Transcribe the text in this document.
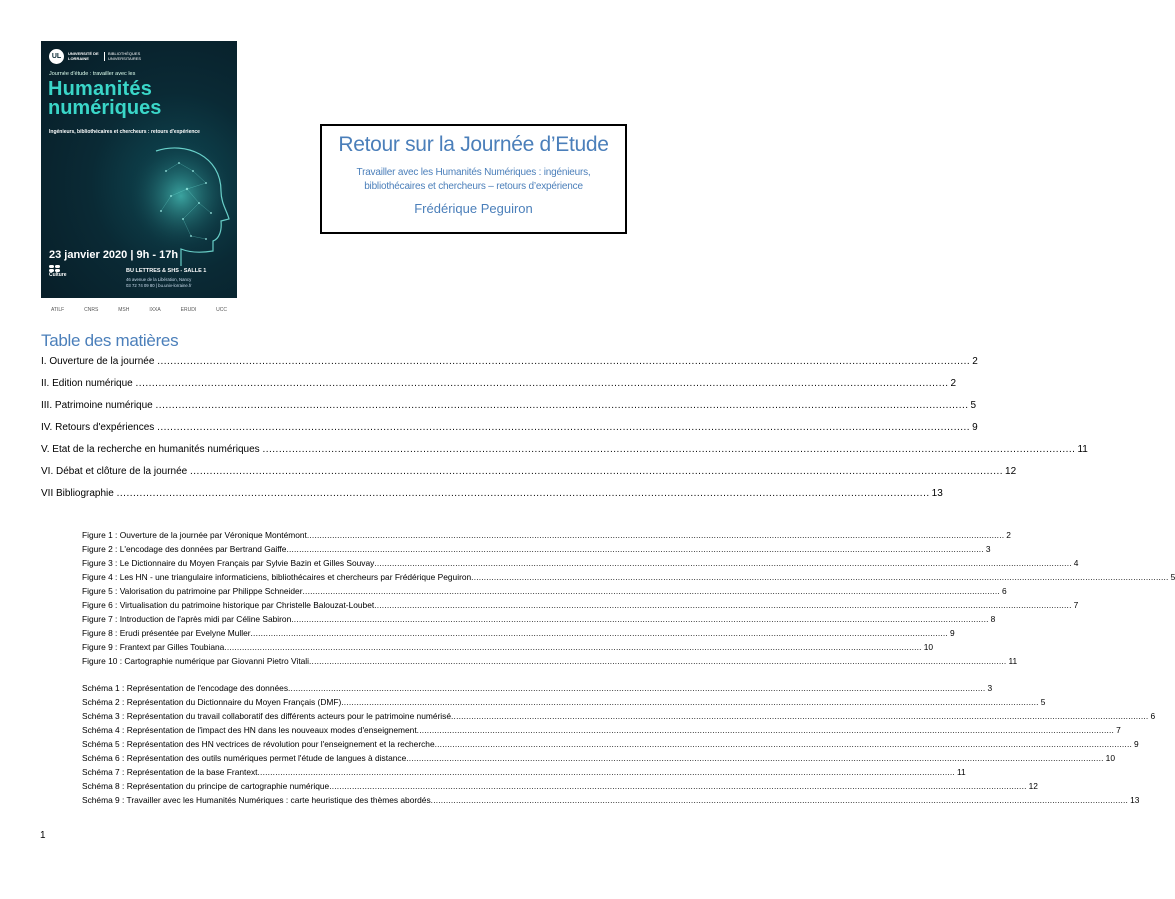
UL	UNIVERSITÉ DE LORRAINE
BIBLIOTHÈQUES UNIVERSITAIRES
Journée d'étude : travailler avec les
Humanités
numériques
Ingénieurs, bibliothécaires et chercheurs : retours d'expérience
23 janvier 2020 | 9h - 17h
Culture
BU LETTRES & SHS - SALLE 1
46 avenue de la Libération, Nancy
03 72 74 09 80 | bu.univ-lorraine.fr
ATILF	CNRS	MSH	IXXA	ERUDI	UCC
Retour sur la Journée d’Etude
Travailler avec les Humanités Numériques : ingénieurs, bibliothécaires et chercheurs – retours d’expérience
Frédérique Peguiron
Table des matières
1
I. Ouverture de la journée .....	2
II. Edition numérique .....	2
III. Patrimoine numérique .....	5
IV. Retours d'expériences .....	9
V. Etat de la recherche en humanités numériques .....	11
VI. Débat et clôture de la journée .....	12
VII Bibliographie .....	13
Figure 1 : Ouverture de la journée par Véronique Montémont .....	2
Figure 2 : L'encodage des données par Bertrand Gaiffe .....	3
Figure 3 : Le Dictionnaire du Moyen Français par Sylvie Bazin et Gilles Souvay .....	4
Figure 4 : Les HN - une triangulaire informaticiens, bibliothécaires et chercheurs par Frédérique Peguiron .....	5
Figure 5 : Valorisation du patrimoine par Philippe Schneider .....	6
Figure 6 : Virtualisation du patrimoine historique par Christelle Balouzat-Loubet .....	7
Figure 7 : Introduction de l'après midi par Céline Sabiron .....	8
Figure 8 : Erudi présentée par Evelyne Muller .....	9
Figure 9 : Frantext par Gilles Toubiana .....	10
Figure 10 : Cartographie numérique par Giovanni Pietro Vitali .....	11
Schéma 1 : Représentation de l'encodage des données .....	3
Schéma 2 : Représentation du Dictionnaire du Moyen Français (DMF) .....	5
Schéma 3 : Représentation du travail collaboratif des différents acteurs pour le patrimoine numérisé .....	6
Schéma 4 : Représentation de l'impact des HN dans les nouveaux modes d'enseignement .....	7
Schéma 5 : Représentation des HN vectrices de révolution pour l'enseignement et la recherche .....	9
Schéma 6 : Représentation des outils numériques permet l'étude de langues à distance .....	10
Schéma 7 : Représentation de la base Frantext .....	11
Schéma 8 : Représentation du principe de cartographie numérique .....	12
Schéma 9 : Travailler avec les Humanités Numériques : carte heuristique des thèmes abordés .....	13
